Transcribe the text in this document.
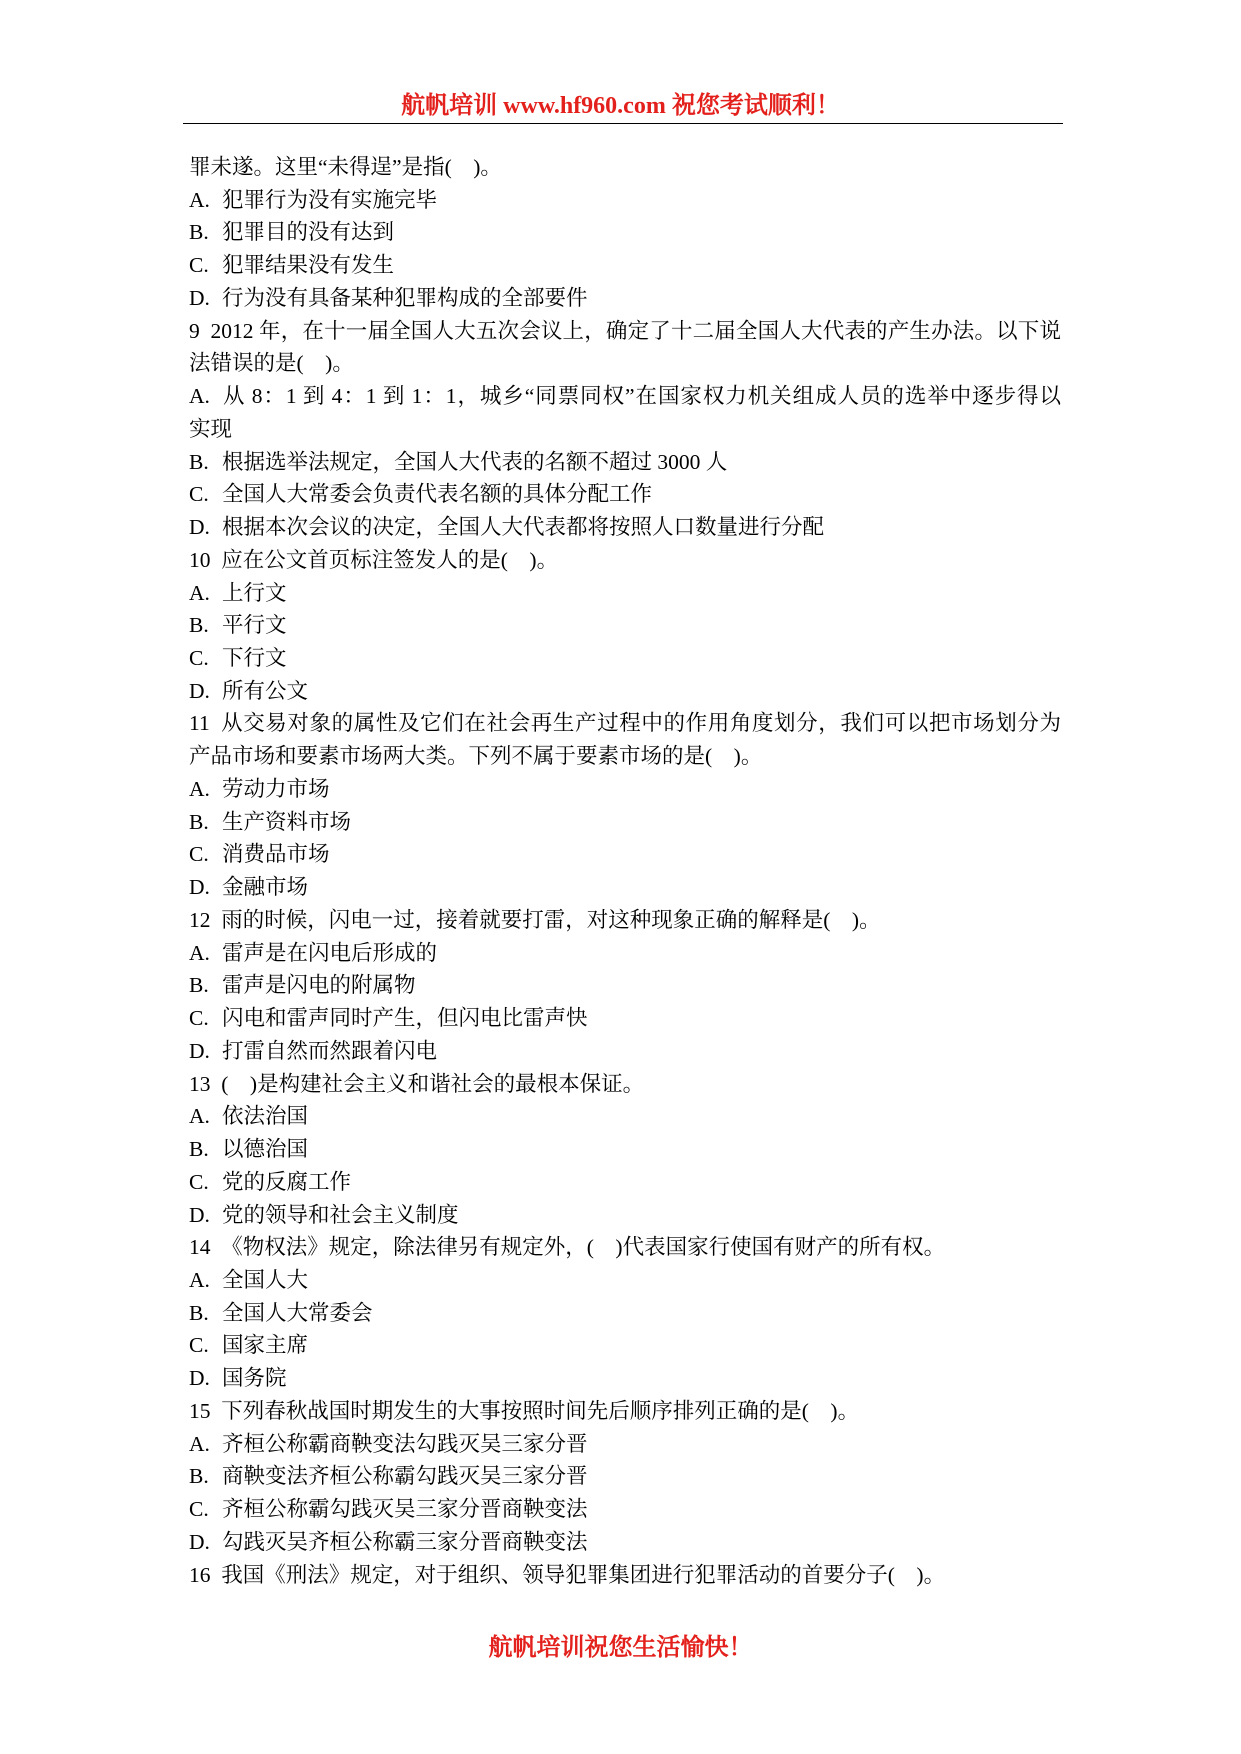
航帆培训 www.hf960.com 祝您考试顺利！
罪未遂。这里“未得逞”是指(    )。
A. 犯罪行为没有实施完毕
B. 犯罪目的没有达到
C. 犯罪结果没有发生
D. 行为没有具备某种犯罪构成的全部要件
9 2012 年，在十一届全国人大五次会议上，确定了十二届全国人大代表的产生办法。以下说
法错误的是(    )。
A. 从 8：1 到 4：1 到 1：1，城乡“同票同权”在国家权力机关组成人员的选举中逐步得以
实现
B. 根据选举法规定，全国人大代表的名额不超过 3000 人
C. 全国人大常委会负责代表名额的具体分配工作
D. 根据本次会议的决定，全国人大代表都将按照人口数量进行分配
10 应在公文首页标注签发人的是(    )。
A. 上行文
B. 平行文
C. 下行文
D. 所有公文
11 从交易对象的属性及它们在社会再生产过程中的作用角度划分，我们可以把市场划分为
产品市场和要素市场两大类。下列不属于要素市场的是(    )。
A. 劳动力市场
B. 生产资料市场
C. 消费品市场
D. 金融市场
12 雨的时候，闪电一过，接着就要打雷，对这种现象正确的解释是(    )。
A. 雷声是在闪电后形成的
B. 雷声是闪电的附属物
C. 闪电和雷声同时产生，但闪电比雷声快
D. 打雷自然而然跟着闪电
13 (    )是构建社会主义和谐社会的最根本保证。
A. 依法治国
B. 以德治国
C. 党的反腐工作
D. 党的领导和社会主义制度
14 《物权法》规定，除法律另有规定外，(    )代表国家行使国有财产的所有权。
A. 全国人大
B. 全国人大常委会
C. 国家主席
D. 国务院
15 下列春秋战国时期发生的大事按照时间先后顺序排列正确的是(    )。
A. 齐桓公称霸商鞅变法勾践灭吴三家分晋
B. 商鞅变法齐桓公称霸勾践灭吴三家分晋
C. 齐桓公称霸勾践灭吴三家分晋商鞅变法
D. 勾践灭吴齐桓公称霸三家分晋商鞅变法
16 我国《刑法》规定，对于组织、领导犯罪集团进行犯罪活动的首要分子(    )。
航帆培训祝您生活愉快！
